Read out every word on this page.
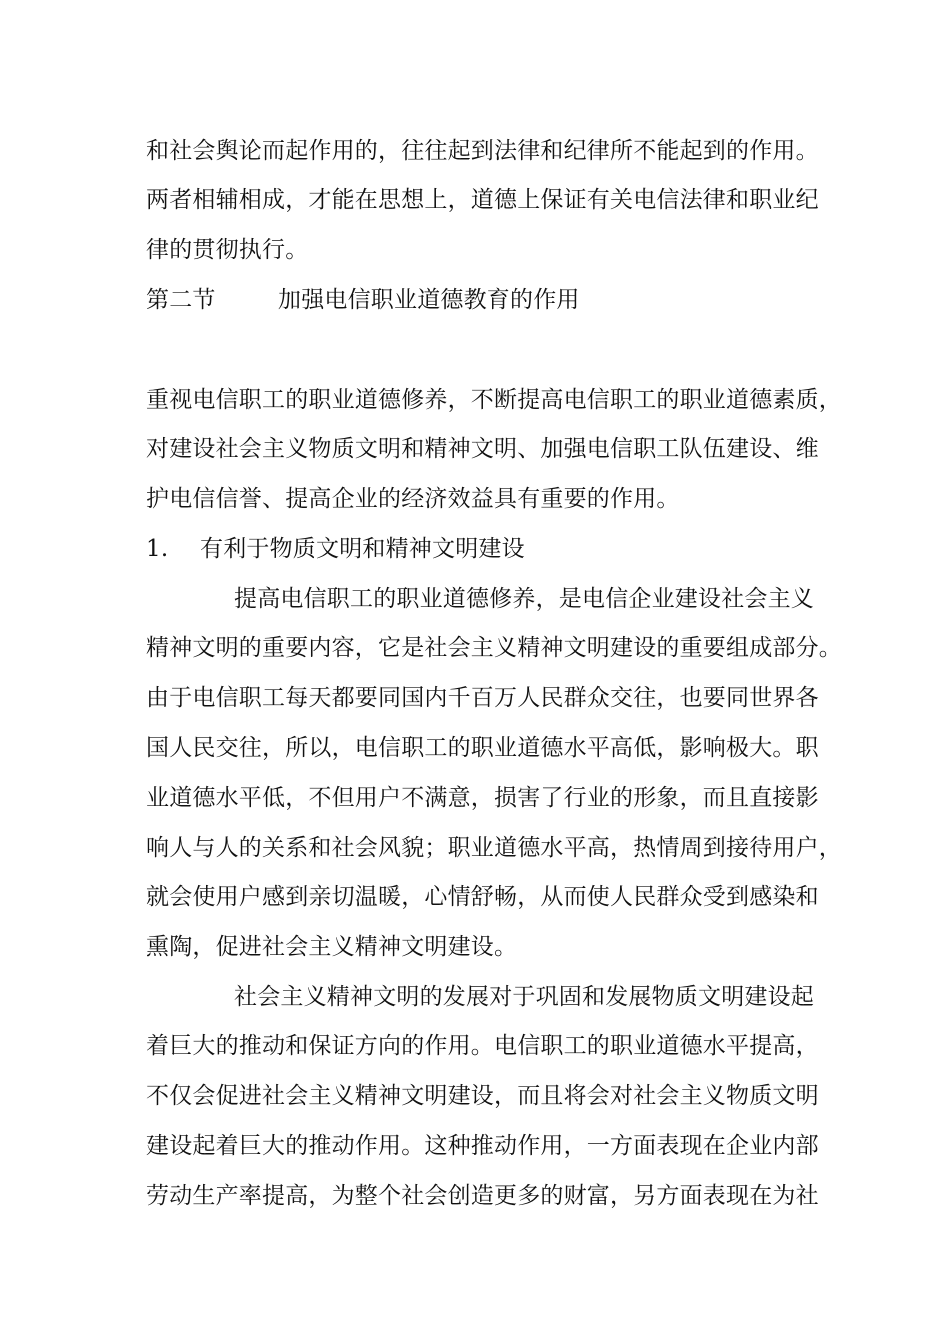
和社会舆论而起作用的，往往起到法律和纪律所不能起到的作用。
两者相辅相成，才能在思想上，道德上保证有关电信法律和职业纪
律的贯彻执行。
第二节	加强电信职业道德教育的作用
重视电信职工的职业道德修养，不断提高电信职工的职业道德素质，
对建设社会主义物质文明和精神文明、加强电信职工队伍建设、维
护电信信誉、提高企业的经济效益具有重要的作用。
1. 有利于物质文明和精神文明建设
提高电信职工的职业道德修养，是电信企业建设社会主义
精神文明的重要内容，它是社会主义精神文明建设的重要组成部分。
由于电信职工每天都要同国内千百万人民群众交往，也要同世界各
国人民交往，所以，电信职工的职业道德水平高低，影响极大。职
业道德水平低，不但用户不满意，损害了行业的形象，而且直接影
响人与人的关系和社会风貌；职业道德水平高，热情周到接待用户，
就会使用户感到亲切温暖，心情舒畅，从而使人民群众受到感染和
熏陶，促进社会主义精神文明建设。
社会主义精神文明的发展对于巩固和发展物质文明建设起
着巨大的推动和保证方向的作用。电信职工的职业道德水平提高，
不仅会促进社会主义精神文明建设，而且将会对社会主义物质文明
建设起着巨大的推动作用。这种推动作用，一方面表现在企业内部
劳动生产率提高，为整个社会创造更多的财富，另方面表现在为社
